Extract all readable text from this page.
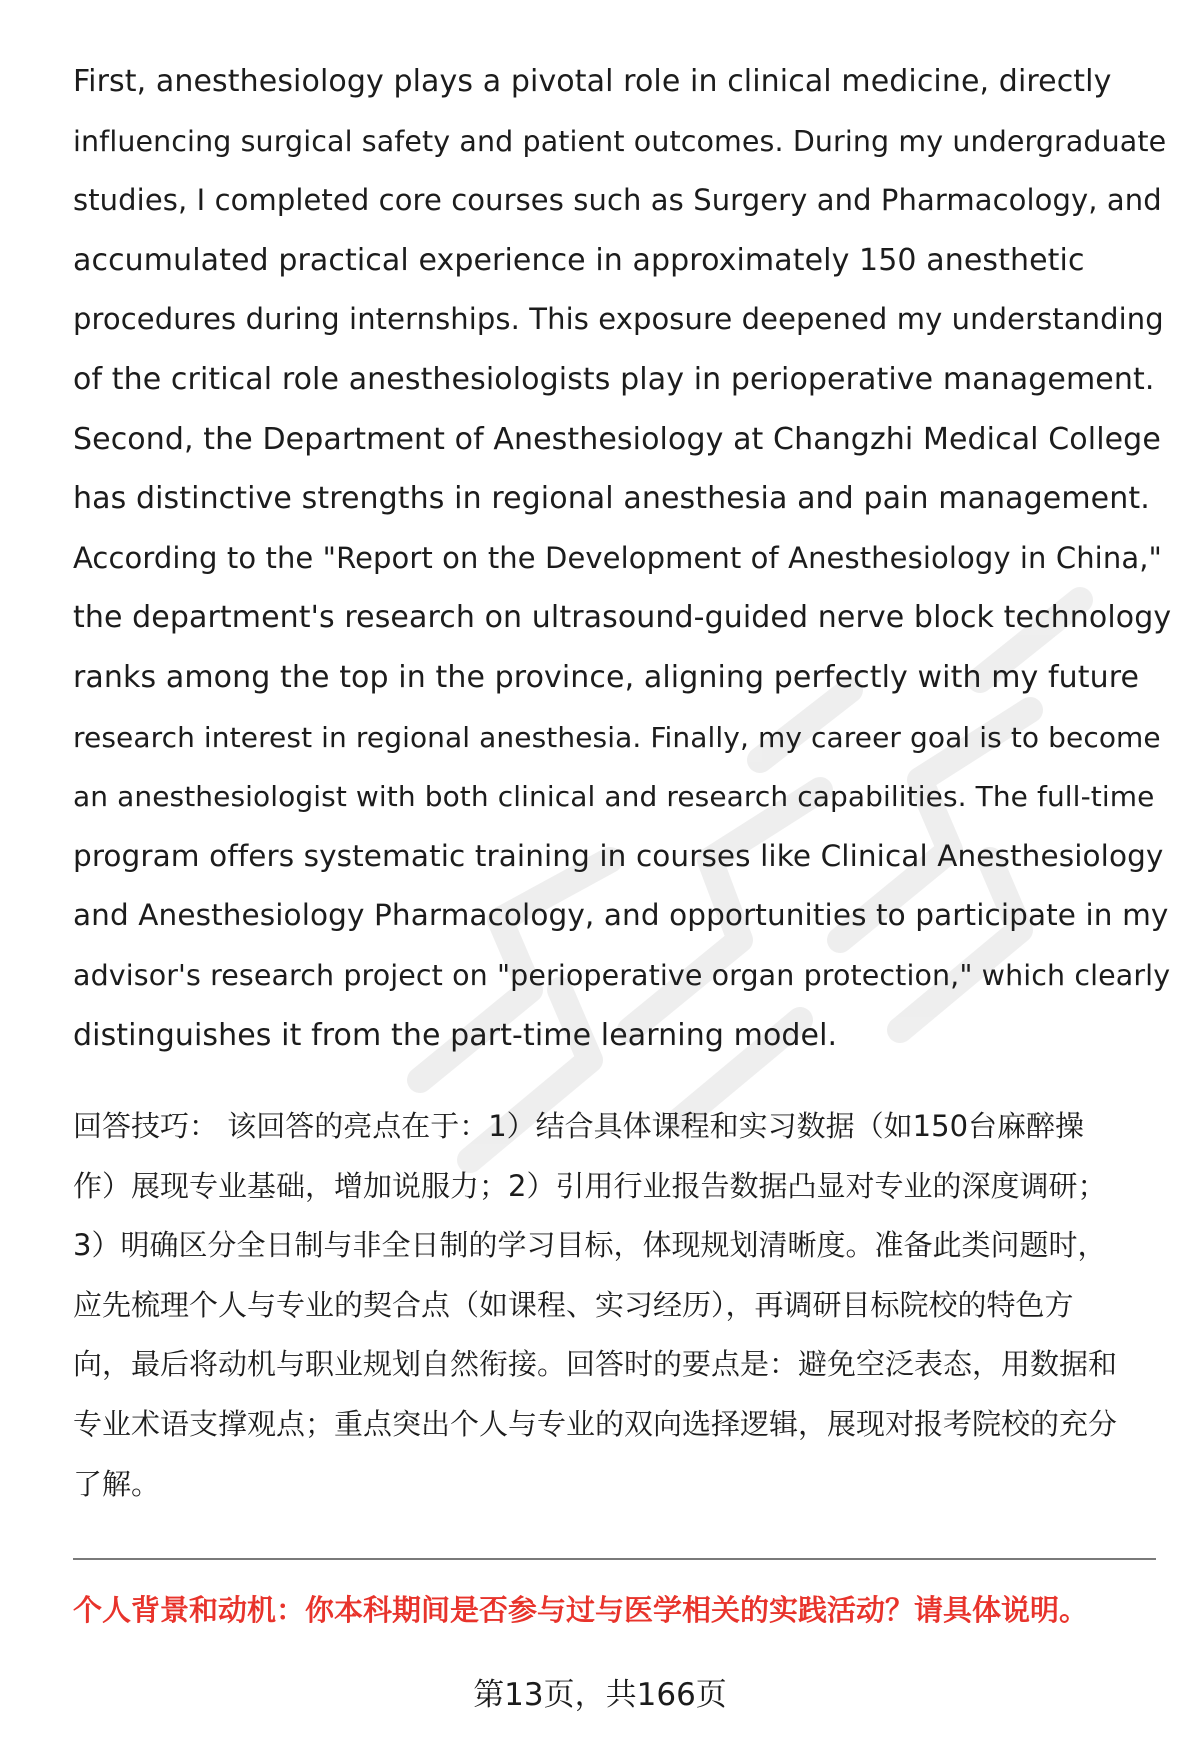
First, anesthesiology plays a pivotal role in clinical medicine, directly
influencing surgical safety and patient outcomes. During my undergraduate
studies, I completed core courses such as Surgery and Pharmacology, and
accumulated practical experience in approximately 150 anesthetic
procedures during internships. This exposure deepened my understanding
of the critical role anesthesiologists play in perioperative management.
Second, the Department of Anesthesiology at Changzhi Medical College
has distinctive strengths in regional anesthesia and pain management.
According to the "Report on the Development of Anesthesiology in China,"
the department's research on ultrasound-guided nerve block technology
ranks among the top in the province, aligning perfectly with my future
research interest in regional anesthesia. Finally, my career goal is to become
an anesthesiologist with both clinical and research capabilities. The full-time
program offers systematic training in courses like Clinical Anesthesiology
and Anesthesiology Pharmacology, and opportunities to participate in my
advisor's research project on "perioperative organ protection," which clearly
distinguishes it from the part-time learning model.
回答技巧： 该回答的亮点在于：1）结合具体课程和实习数据（如150台麻醉操
作）展现专业基础，增加说服力；2）引用行业报告数据凸显对专业的深度调研；
3）明确区分全日制与非全日制的学习目标，体现规划清晰度。准备此类问题时，
应先梳理个人与专业的契合点（如课程、实习经历），再调研目标院校的特色方
向，最后将动机与职业规划自然衔接。回答时的要点是：避免空泛表态，用数据和
专业术语支撑观点；重点突出个人与专业的双向选择逻辑，展现对报考院校的充分
了解。

个人背景和动机：你本科期间是否参与过与医学相关的实践活动？请具体说明。

第13页，共166页
